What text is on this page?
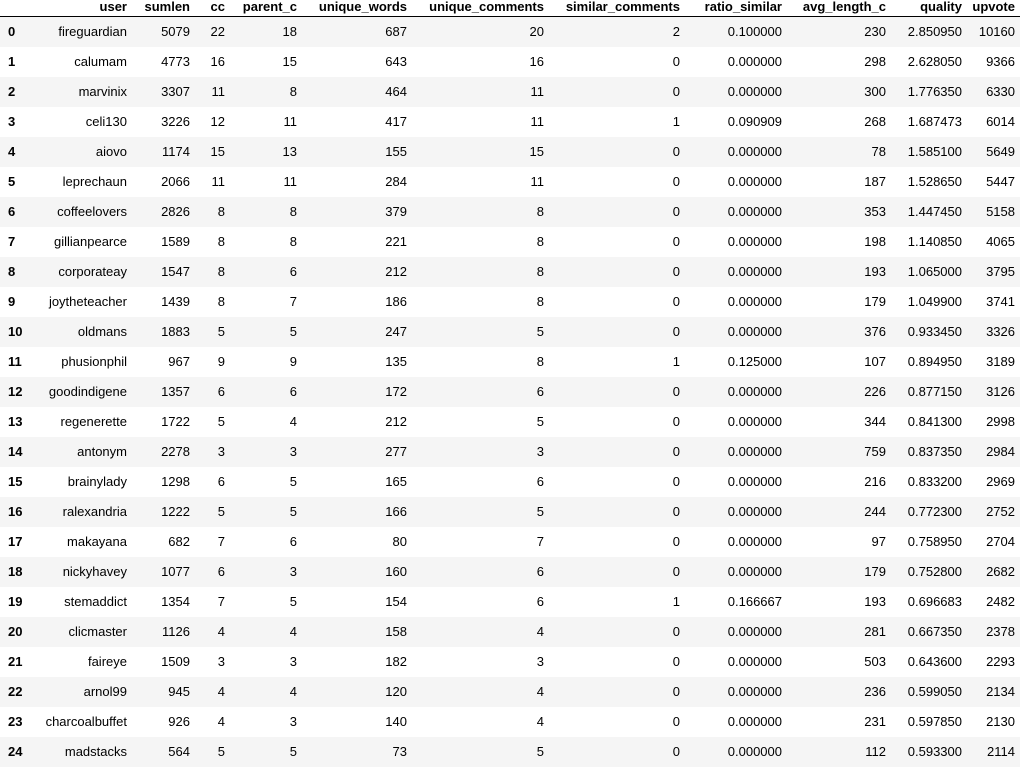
	user	sumlen	cc	parent_c	unique_words	unique_comments	similar_comments	ratio_similar	avg_length_c	quality	upvote
0	fireguardian	5079	22	18	687	20	2	0.100000	230	2.850950	10160
1	calumam	4773	16	15	643	16	0	0.000000	298	2.628050	9366
2	marvinix	3307	11	8	464	11	0	0.000000	300	1.776350	6330
3	celi130	3226	12	11	417	11	1	0.090909	268	1.687473	6014
4	aiovo	1174	15	13	155	15	0	0.000000	78	1.585100	5649
5	leprechaun	2066	11	11	284	11	0	0.000000	187	1.528650	5447
6	coffeelovers	2826	8	8	379	8	0	0.000000	353	1.447450	5158
7	gillianpearce	1589	8	8	221	8	0	0.000000	198	1.140850	4065
8	corporateay	1547	8	6	212	8	0	0.000000	193	1.065000	3795
9	joytheteacher	1439	8	7	186	8	0	0.000000	179	1.049900	3741
10	oldmans	1883	5	5	247	5	0	0.000000	376	0.933450	3326
11	phusionphil	967	9	9	135	8	1	0.125000	107	0.894950	3189
12	goodindigene	1357	6	6	172	6	0	0.000000	226	0.877150	3126
13	regenerette	1722	5	4	212	5	0	0.000000	344	0.841300	2998
14	antonym	2278	3	3	277	3	0	0.000000	759	0.837350	2984
15	brainylady	1298	6	5	165	6	0	0.000000	216	0.833200	2969
16	ralexandria	1222	5	5	166	5	0	0.000000	244	0.772300	2752
17	makayana	682	7	6	80	7	0	0.000000	97	0.758950	2704
18	nickyhavey	1077	6	3	160	6	0	0.000000	179	0.752800	2682
19	stemaddict	1354	7	5	154	6	1	0.166667	193	0.696683	2482
20	clicmaster	1126	4	4	158	4	0	0.000000	281	0.667350	2378
21	faireye	1509	3	3	182	3	0	0.000000	503	0.643600	2293
22	arnol99	945	4	4	120	4	0	0.000000	236	0.599050	2134
23	charcoalbuffet	926	4	3	140	4	0	0.000000	231	0.597850	2130
24	madstacks	564	5	5	73	5	0	0.000000	112	0.593300	2114
